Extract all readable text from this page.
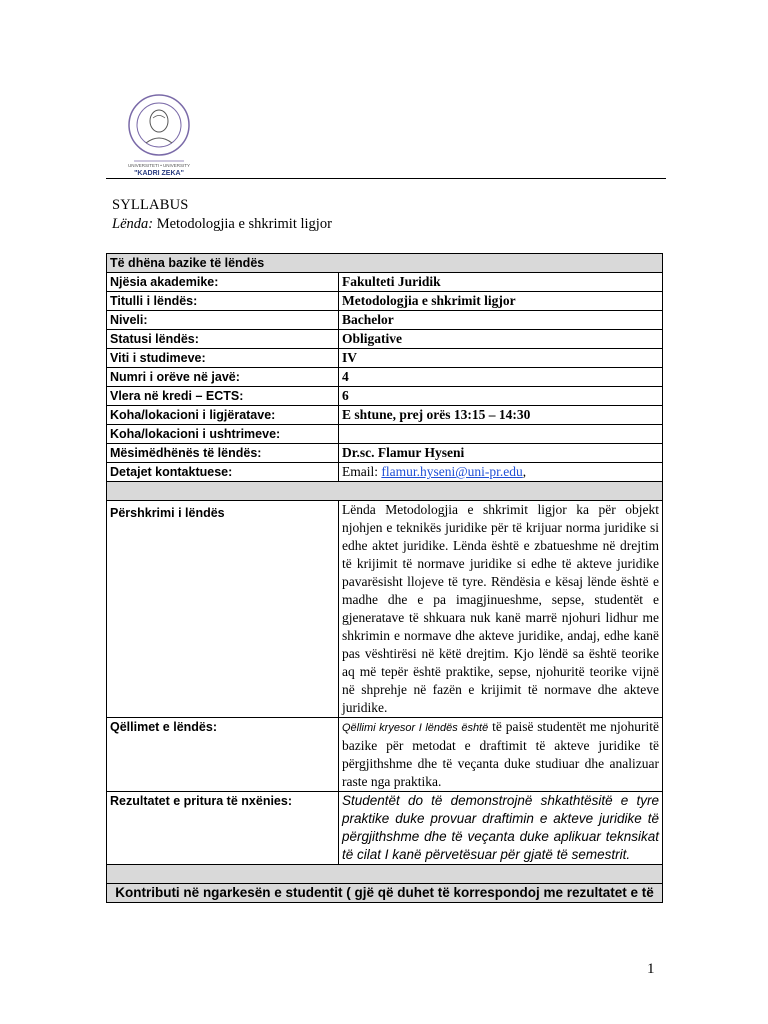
UNIVERSITETI • UNIVERSITY
"KADRI ZEKA"
SYLLABUS
Lënda: Metodologjia e shkrimit ligjor
Të dhëna bazike të lëndës	
Njësia akademike:	Fakulteti Juridik
Titulli i lëndës:	Metodologjia e shkrimit ligjor
Niveli:	Bachelor
Statusi lëndës:	Obligative
Viti i studimeve:	IV
Numri i orëve në javë:	4
Vlera në kredi – ECTS:	6
Koha/lokacioni i ligjëratave:	E shtune, prej orës 13:15 – 14:30
Koha/lokacioni i ushtrimeve:	
Mësimëdhënës të lëndës:	Dr.sc. Flamur Hyseni
Detajet kontaktuese:	Email: flamur.hyseni@uni-pr.edu,

Përshkrimi i lëndës	Lënda Metodologjia e shkrimit ligjor ka për objekt njohjen e teknikës juridike për të krijuar norma juridike si edhe aktet juridike. Lënda është e zbatueshme në drejtim të krijimit të normave juridike si edhe të akteve juridike pavarësisht llojeve të tyre. Rëndësia e kësaj lënde është e madhe dhe e pa imagjinueshme, sepse, studentët e gjeneratave të shkuara nuk kanë marrë njohuri lidhur me shkrimin e normave dhe akteve juridike, andaj, edhe kanë pas vështirësi në këtë drejtim. Kjo lëndë sa është teorike aq më tepër është praktike, sepse, njohuritë teorike vijnë në shprehje në fazën e krijimit të normave dhe akteve juridike.
Qëllimet e lëndës:	Qëllimi kryesor I lëndës është të paisë studentët me njohuritë bazike për metodat e draftimit të akteve juridike të përgjithshme dhe të veçanta duke studiuar dhe analizuar raste nga praktika.
Rezultatet e pritura të nxënies:	Studentët do të demonstrojnë shkathtësitë e tyre praktike duke provuar draftimin e akteve juridike të përgjithshme dhe të veçanta duke aplikuar teknsikat të cilat I kanë përvetësuar për gjatë të semestrit.

Kontributi në ngarkesën e studentit ( gjë që duhet të korrespondoj me rezultatet e të	
1
